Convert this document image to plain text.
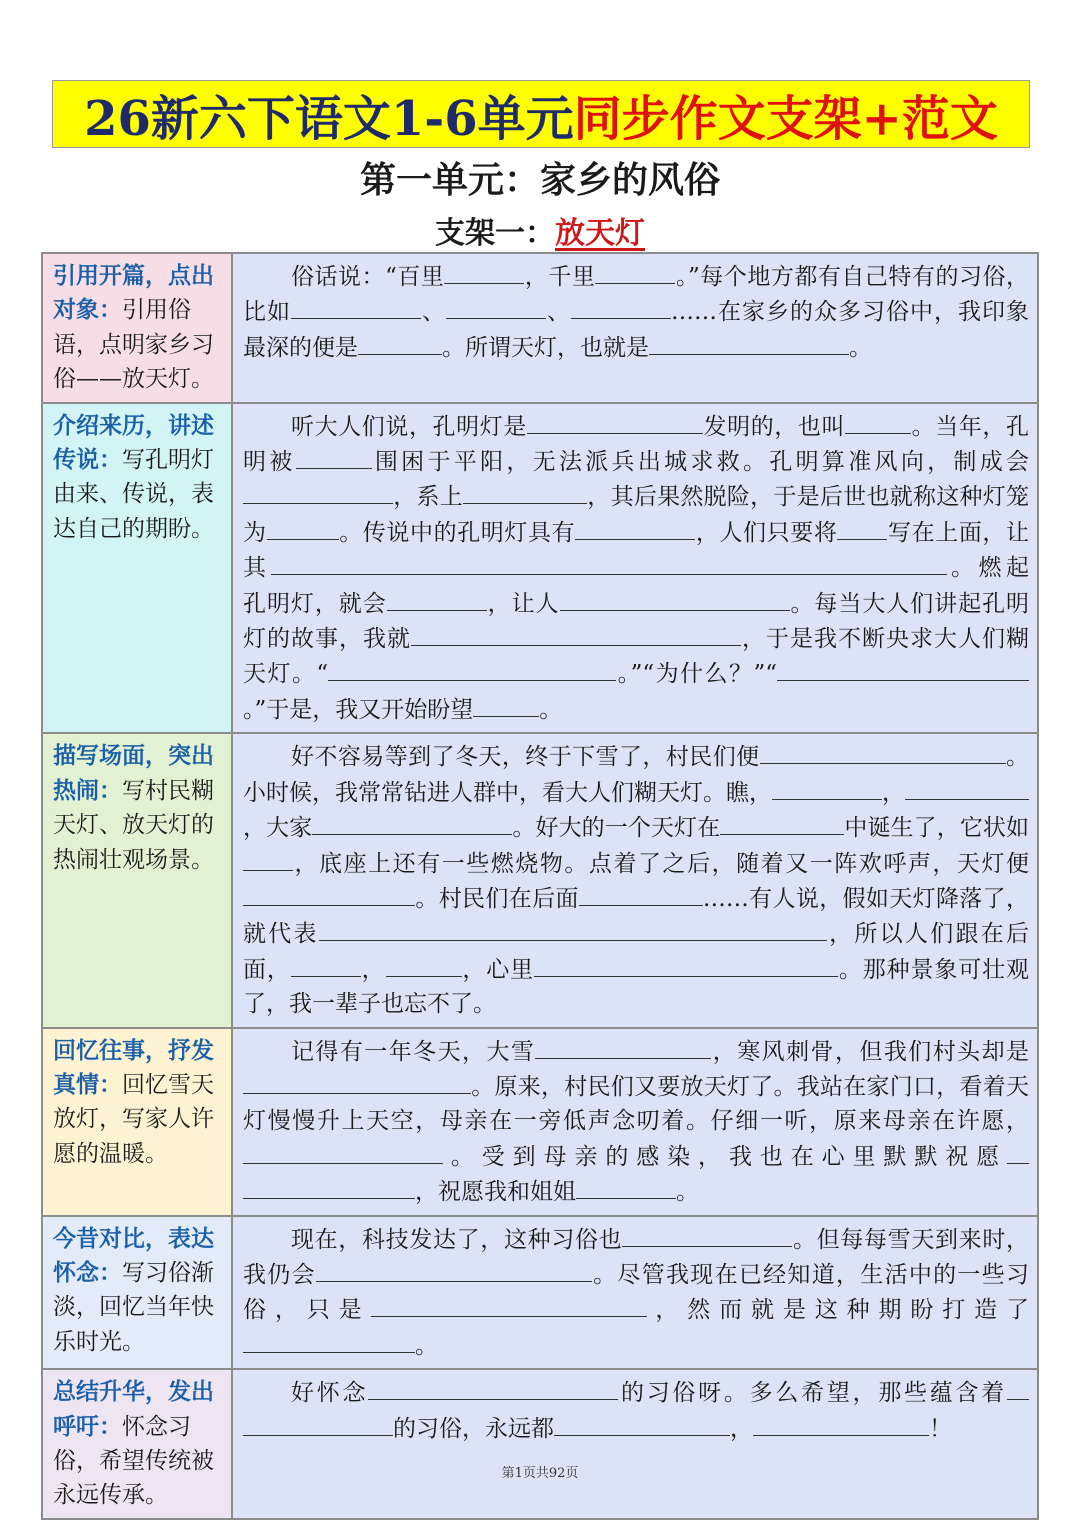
26新六下语文1-6单元 同步作文支架+范文
第一单元：家乡的风俗
支架一：放天灯
引用开篇，点出对象：引用俗语，点明家乡习俗——放天灯。	俗话说：“百里 ，千里 。”每个地方都有自己特有的习俗，比如 、 、 ……在家乡的众多习俗中，我印象最深的便是 。所谓天灯，也就是 。
介绍来历，讲述传说：写孔明灯由来、传说，表达自己的期盼。	听大人们说，孔明灯是 发明的，也叫 。当年，孔明被 围困于平阳，无法派兵出城求救。孔明算准风向，制成会，系上 ，其后果然脱险，于是后世也就称这种灯笼为 。传说中的孔明灯具有 ，人们只要将 写在上面，让其 。燃起孔明灯，就会 ，让人 。每当大人们讲起孔明灯的故事，我就 ，于是我不断央求大人们糊天灯。“ 。”“为什么？”“。”于是，我又开始盼望 。
描写场面，突出热闹：写村民糊天灯、放天灯的热闹壮观场景。	好不容易等到了冬天，终于下雪了，村民们便 。小时候，我常常钻进人群中，看大人们糊天灯。瞧， ，，大家 。好大的一个天灯在 中诞生了，它状如，底座上还有一些燃烧物。点着了之后，随着又一阵欢呼声，天灯便。村民们在后面 ……有人说，假如天灯降落了，就代表 ，所以人们跟在后面， ， ，心里 。那种景象可壮观了，我一辈子也忘不了。
回忆往事，抒发真情：回忆雪天放灯，写家人许愿的温暖。	记得有一年冬天，大雪 ，寒风刺骨，但我们村头却是。原来，村民们又要放天灯了。我站在家门口，看着天灯慢慢升上天空，母亲在一旁低声念叨着。仔细一听，原来母亲在许愿，。受到母亲的感染，我也在心里默默祝愿，祝愿我和姐姐 。
今昔对比，表达怀念：写习俗渐淡，回忆当年快乐时光。	现在，科技发达了，这种习俗也 。但每每雪天到来时，我仍会 。尽管我现在已经知道，生活中的一些习俗，只是 ，然而就是这种期盼打造了。
总结升华，发出呼吁：怀念习俗，希望传统被永远传承。	好怀念 的习俗呀。多么希望，那些蕴含着的习俗，永远都 ， ！
第1页共92页
